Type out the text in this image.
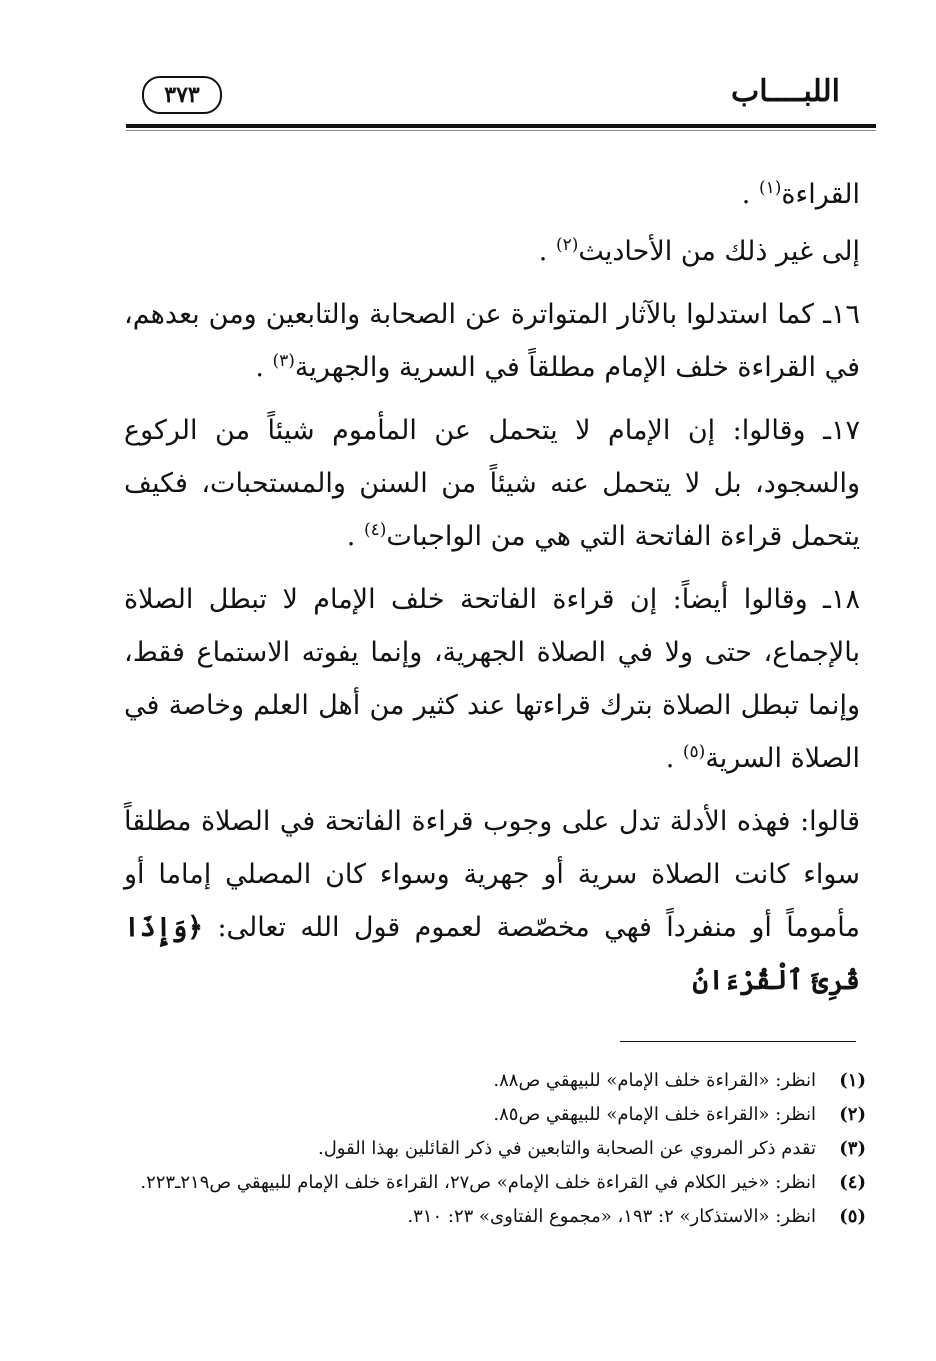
اللبــــاب
٣٧٣

القراءة$^{(١)}$ .

إلى غير ذلك من الأحاديث$^{(٢)}$ .

١٦ـ كما استدلوا بالآثار المتواترة عن الصحابة والتابعين ومن بعدهم، في القراءة خلف الإمام مطلقاً في السرية والجهرية$^{(٣)}$ .

١٧ـ وقالوا: إن الإمام لا يتحمل عن المأموم شيئاً من الركوع والسجود، بل لا يتحمل عنه شيئاً من السنن والمستحبات، فكيف يتحمل قراءة الفاتحة التي هي من الواجبات$^{(٤)}$ .

١٨ـ وقالوا أيضاً: إن قراءة الفاتحة خلف الإمام لا تبطل الصلاة بالإجماع، حتى ولا في الصلاة الجهرية، وإنما يفوته الاستماع فقط، وإنما تبطل الصلاة بترك قراءتها عند كثير من أهل العلم وخاصة في الصلاة السرية$^{(٥)}$ .

قالوا: فهذه الأدلة تدل على وجوب قراءة الفاتحة في الصلاة مطلقاً سواء كانت الصلاة سرية أو جهرية وسواء كان المصلي إماما أو مأموماً أو منفرداً فهي مخصّصة لعموم قول الله تعالى: ﴿وَإِذَا قُرِئَ ٱلْقُرْءَانُ

(١)
انظر: «القراءة خلف الإمام» للبيهقي ص٨٨.
(٢)
انظر: «القراءة خلف الإمام» للبيهقي ص٨٥.
(٣)
تقدم ذكر المروي عن الصحابة والتابعين في ذكر القائلين بهذا القول.
(٤)
انظر: «خير الكلام في القراءة خلف الإمام» ص٢٧، القراءة خلف الإمام للبيهقي ص٢١٩ـ٢٢٣.
(٥)
انظر: «الاستذكار» ٢: ١٩٣، «مجموع الفتاوى» ٢٣: ٣١٠.
